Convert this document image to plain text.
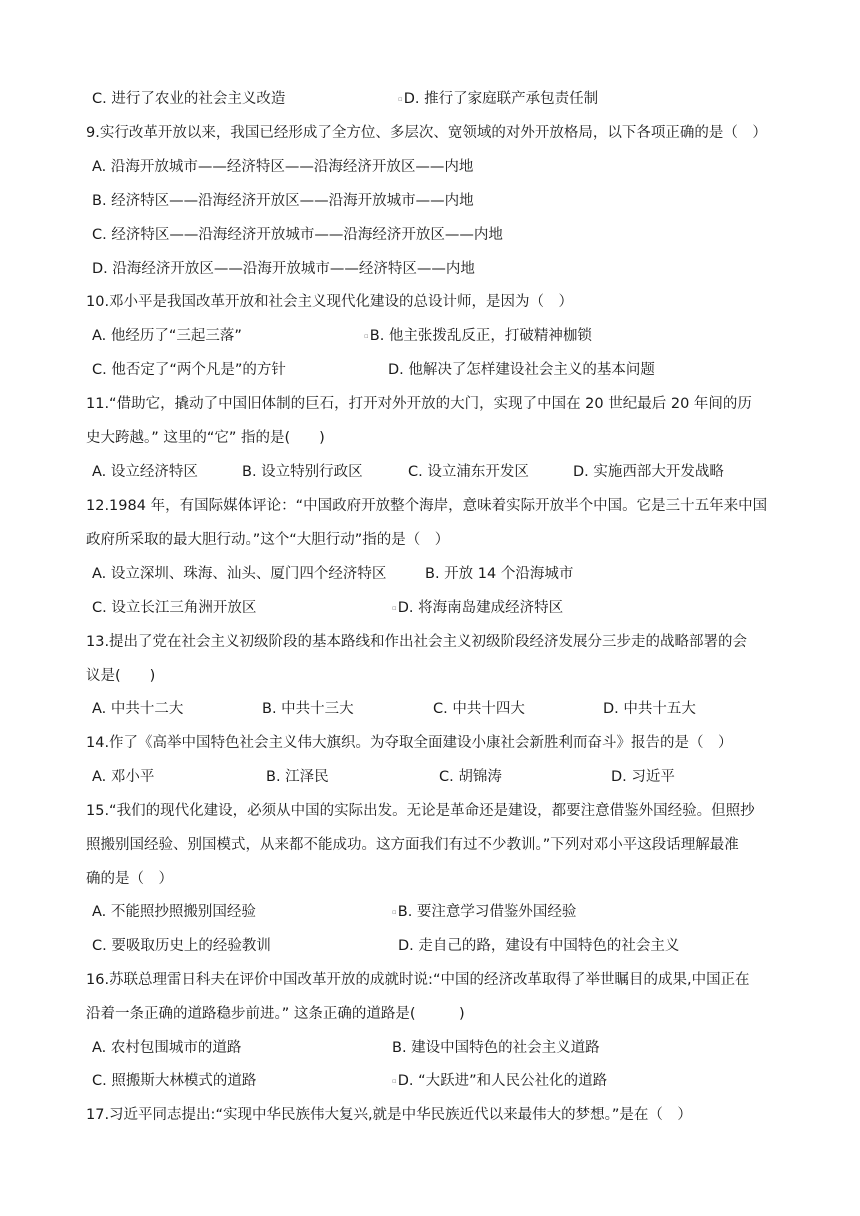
C. 进行了农业的社会主义改造	▫D. 推行了家庭联产承包责任制
9.实行改革开放以来，我国已经形成了全方位、多层次、宽领域的对外开放格局，以下各项正确的是（　）
A. 沿海开放城市——经济特区——沿海经济开放区——内地
B. 经济特区——沿海经济开放区——沿海开放城市——内地
C. 经济特区——沿海经济开放城市——沿海经济开放区——内地
D. 沿海经济开放区——沿海开放城市——经济特区——内地
10.邓小平是我国改革开放和社会主义现代化建设的总设计师，是因为（　）
A. 他经历了“三起三落”	▫B. 他主张拨乱反正，打破精神枷锁
C. 他否定了“两个凡是”的方针	D. 他解决了怎样建设社会主义的基本问题
11.“借助它，撬动了中国旧体制的巨石，打开对外开放的大门，实现了中国在 20 世纪最后 20 年间的历
史大跨越。” 这里的“它” 指的是(　　)
A. 设立经济特区	B. 设立特别行政区	C. 设立浦东开发区	D. 实施西部大开发战略
12.1984 年，有国际媒体评论：“中国政府开放整个海岸，意味着实际开放半个中国。它是三十五年来中国
政府所采取的最大胆行动。”这个“大胆行动”指的是（　）
A. 设立深圳、珠海、汕头、厦门四个经济特区	B. 开放 14 个沿海城市
C. 设立长江三角洲开放区	▫D. 将海南岛建成经济特区
13.提出了党在社会主义初级阶段的基本路线和作出社会主义初级阶段经济发展分三步走的战略部署的会
议是(　　)
A. 中共十二大	B. 中共十三大	C. 中共十四大	D. 中共十五大
14.作了《高举中国特色社会主义伟大旗织。为夺取全面建设小康社会新胜利而奋斗》报告的是（　）
A. 邓小平	B. 江泽民	C. 胡锦涛	D. 习近平
15.“我们的现代化建设，必须从中国的实际出发。无论是革命还是建设，都要注意借鉴外国经验。但照抄
照搬别国经验、别国模式，从来都不能成功。这方面我们有过不少教训。”下列对邓小平这段话理解最准
确的是（　）
A. 不能照抄照搬别国经验	▫B. 要注意学习借鉴外国经验
C. 要吸取历史上的经验教训	D. 走自己的路，建设有中国特色的社会主义
16.苏联总理雷日科夫在评价中国改革开放的成就时说:“中国的经济改革取得了举世瞩目的成果,中国正在
沿着一条正确的道路稳步前进。” 这条正确的道路是(　　　)
A. 农村包围城市的道路	B. 建设中国特色的社会主义道路
C. 照搬斯大林模式的道路	▫D. “大跃进”和人民公社化的道路
17.习近平同志提出:“实现中华民族伟大复兴,就是中华民族近代以来最伟大的梦想。”是在（　）
